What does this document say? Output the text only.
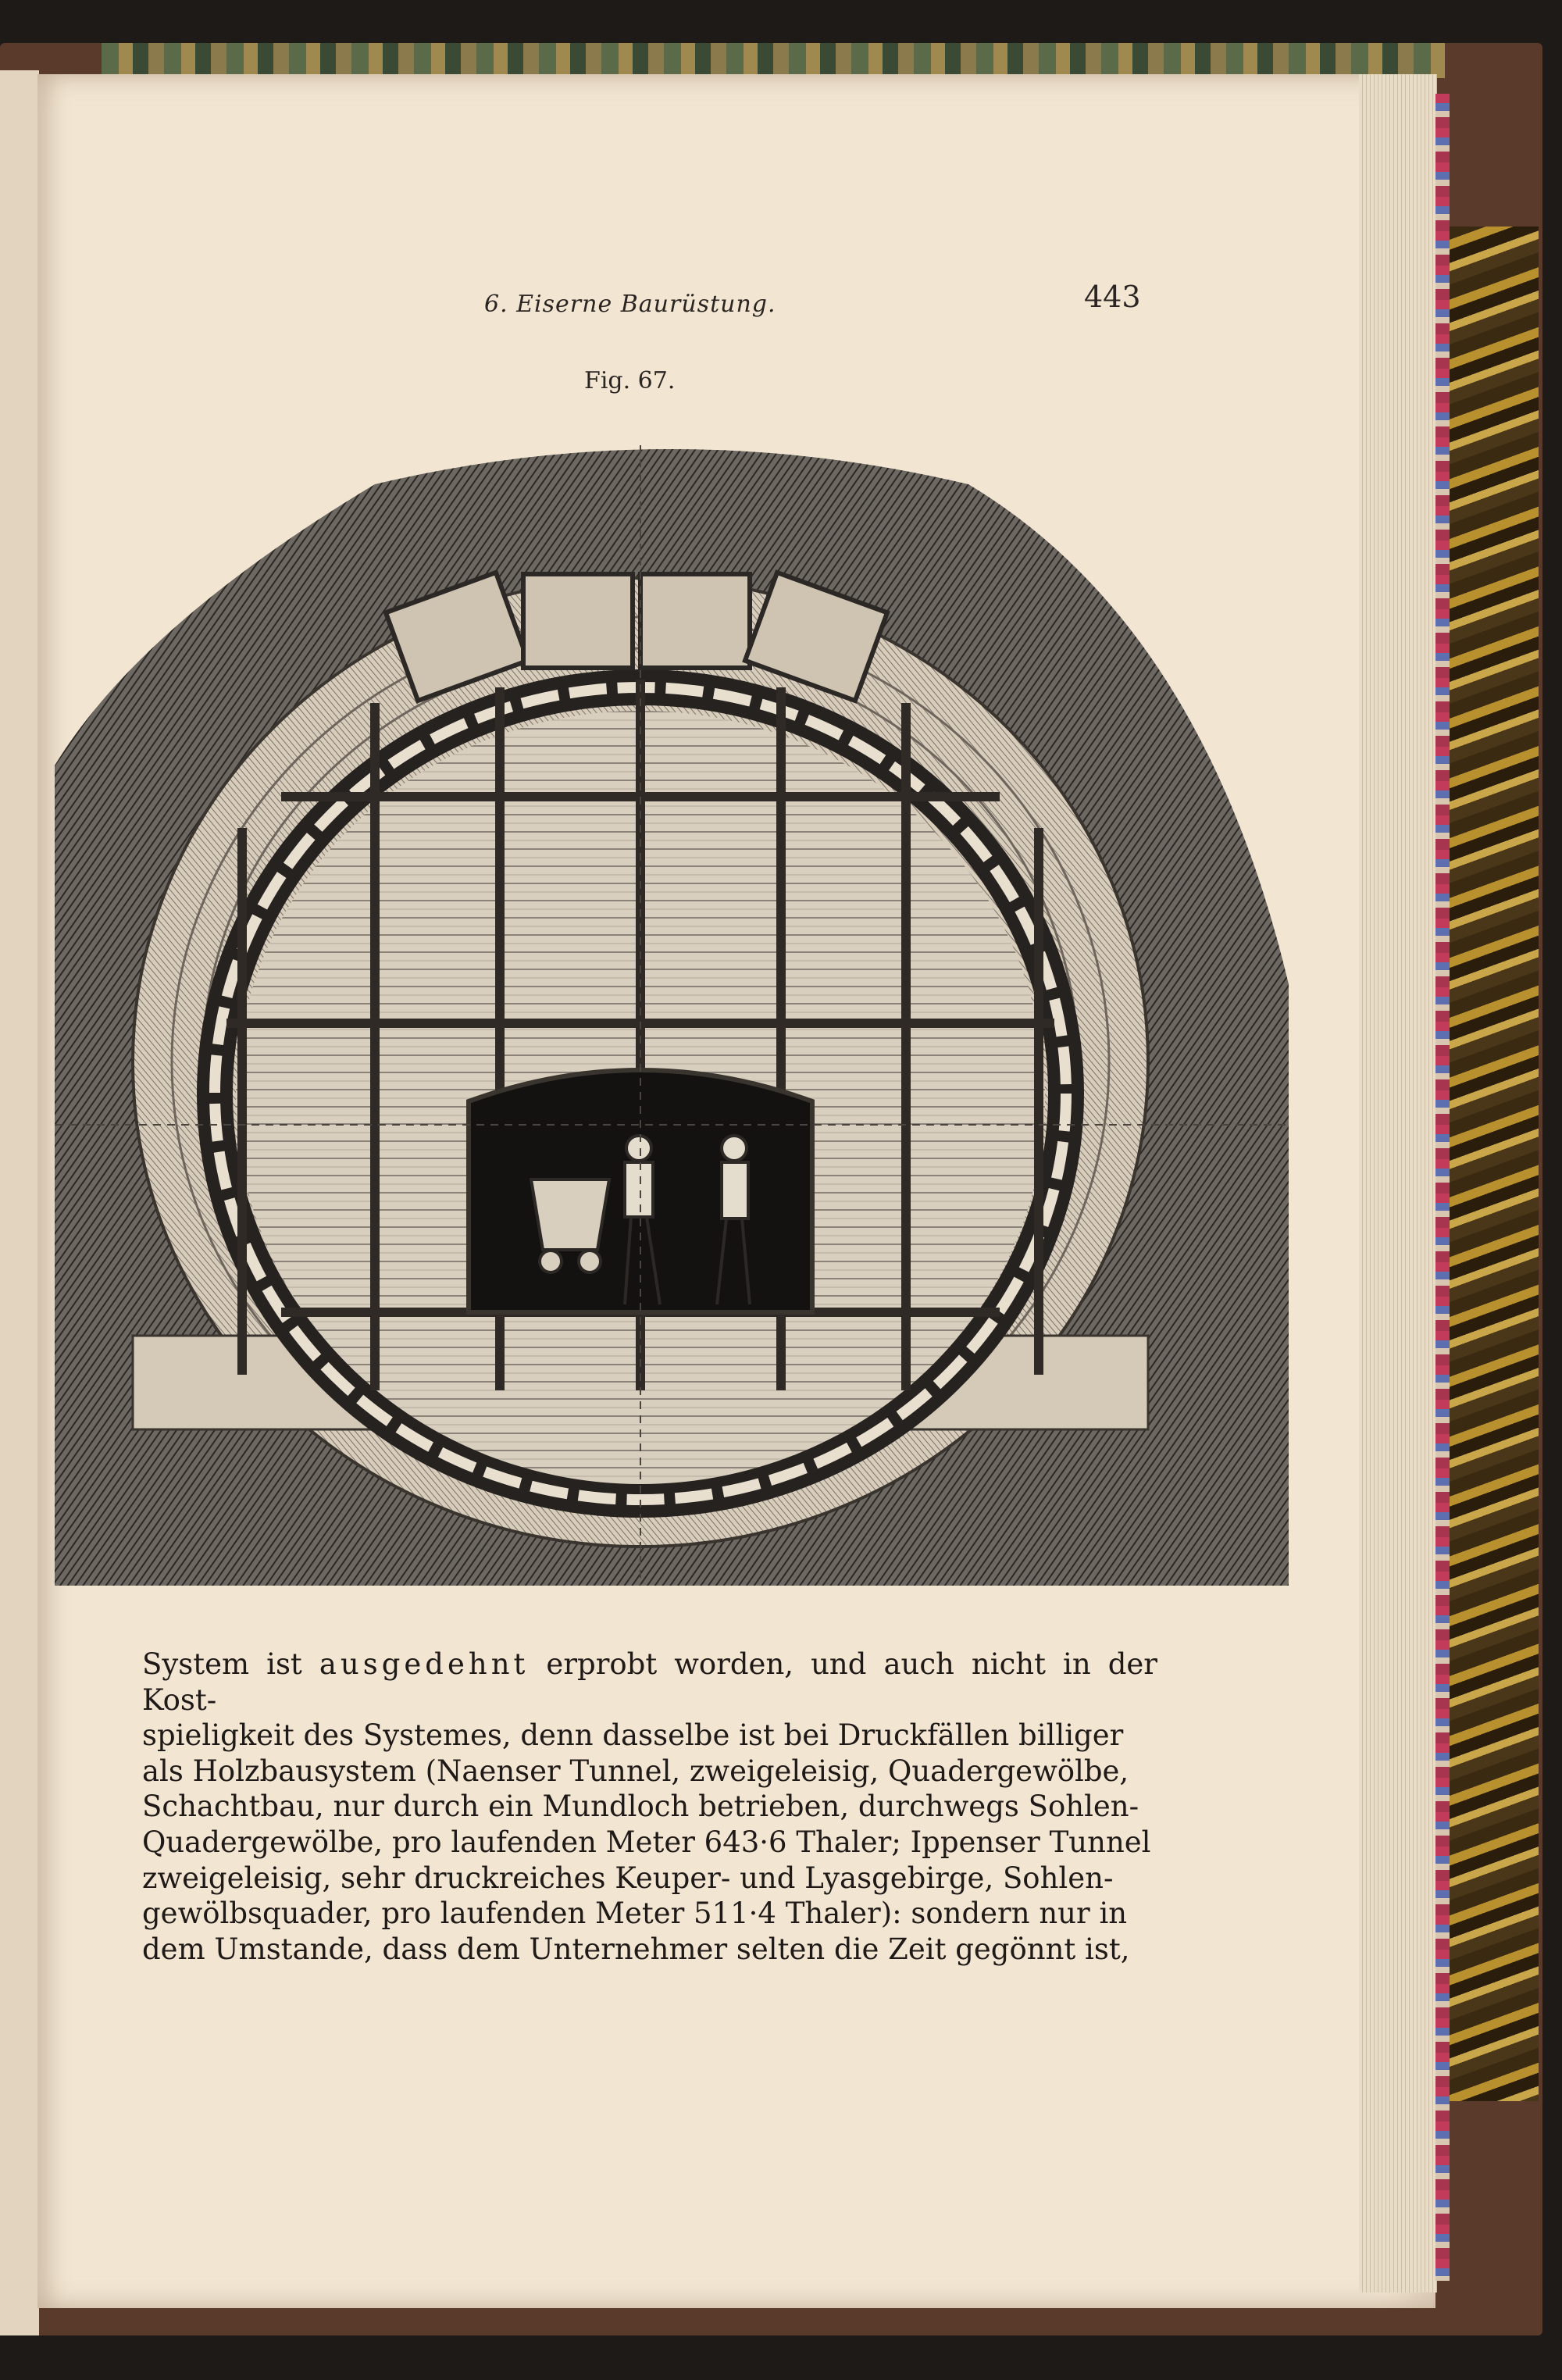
6. Eiserne Baurüstung.	443
Fig. 67.
System ist ausgedehnt erprobt worden, und auch nicht in der Kost-
spieligkeit des Systemes, denn dasselbe ist bei Druckfällen billiger
als Holzbausystem (Naenser Tunnel, zweigeleisig, Quadergewölbe,
Schachtbau, nur durch ein Mundloch betrieben, durchwegs Sohlen-
Quadergewölbe, pro laufenden Meter 643·6 Thaler; Ippenser Tunnel
zweigeleisig, sehr druckreiches Keuper- und Lyasgebirge, Sohlen-
gewölbsquader, pro laufenden Meter 511·4 Thaler): sondern nur in
dem Umstande, dass dem Unternehmer selten die Zeit gegönnt ist,
